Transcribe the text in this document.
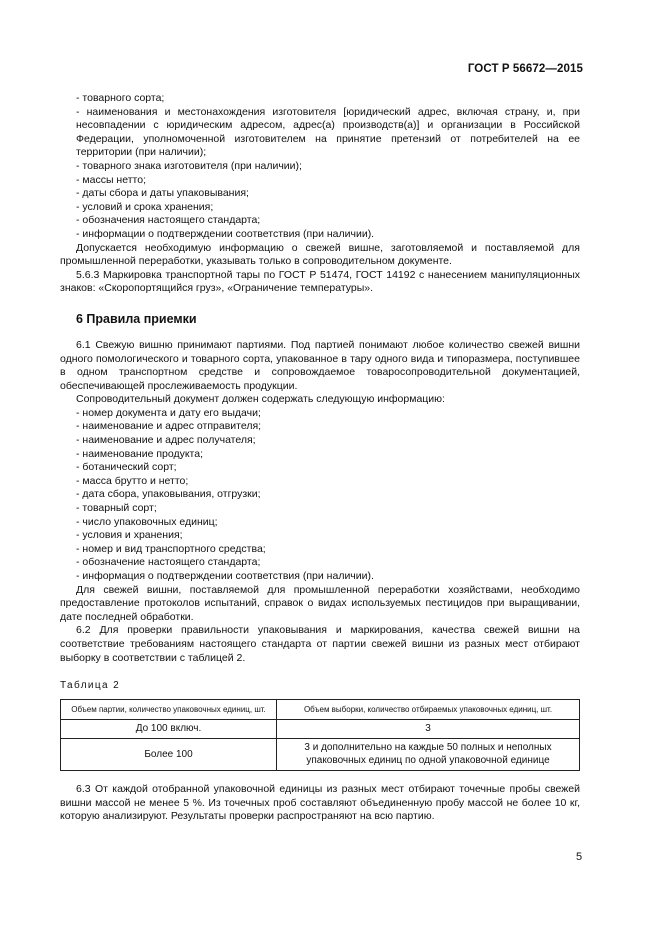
ГОСТ Р 56672—2015

- товарного сорта;

- наименования и местонахождения изготовителя [юридический адрес, включая страну, и, при несовпадении с юридическим адресом, адрес(а) производств(а)] и организации в Российской Федерации, уполномоченной изготовителем на принятие претензий от потребителей на ее территории (при наличии);

- товарного знака изготовителя (при наличии);

- массы нетто;

- даты сбора и даты упаковывания;

- условий и срока хранения;

- обозначения настоящего стандарта;

- информации о подтверждении соответствия (при наличии).

Допускается необходимую информацию о свежей вишне, заготовляемой и поставляемой для промышленной переработки, указывать только в сопроводительном документе.

5.6.3 Маркировка транспортной тары по ГОСТ Р 51474, ГОСТ 14192 с нанесением манипуляционных знаков: «Скоропортящийся груз», «Ограничение температуры».

6 Правила приемки

6.1 Свежую вишню принимают партиями. Под партией понимают любое количество свежей вишни одного помологического и товарного сорта, упакованное в тару одного вида и типоразмера, поступившее в одном транспортном средстве и сопровождаемое товаросопроводительной документацией, обеспечивающей прослеживаемость продукции.

Сопроводительный документ должен содержать следующую информацию:

- номер документа и дату его выдачи;

- наименование и адрес отправителя;

- наименование и адрес получателя;

- наименование продукта;

- ботанический сорт;

- масса брутто и нетто;

- дата сбора, упаковывания, отгрузки;

- товарный сорт;

- число упаковочных единиц;

- условия и хранения;

- номер и вид транспортного средства;

- обозначение настоящего стандарта;

- информация о подтверждении соответствия (при наличии).

Для свежей вишни, поставляемой для промышленной переработки хозяйствами, необходимо предоставление протоколов испытаний, справок о видах используемых пестицидов при выращивании, дате последней обработки.

6.2 Для проверки правильности упаковывания и маркирования, качества свежей вишни на соответствие требованиям настоящего стандарта от партии свежей вишни из разных мест отбирают выборку в соответствии с таблицей 2.

Таблица 2
Объем партии, количество упаковочных единиц, шт.	Объем выборки, количество отбираемых упаковочных единиц, шт.
До 100 включ.	3
Более 100	3 и дополнительно на каждые 50 полных и неполных упаковочных единиц по одной упаковочной единице

6.3 От каждой отобранной упаковочной единицы из разных мест отбирают точечные пробы свежей вишни массой не менее 5 %. Из точечных проб составляют объединенную пробу массой не более 10 кг, которую анализируют. Результаты проверки распространяют на всю партию.

5
